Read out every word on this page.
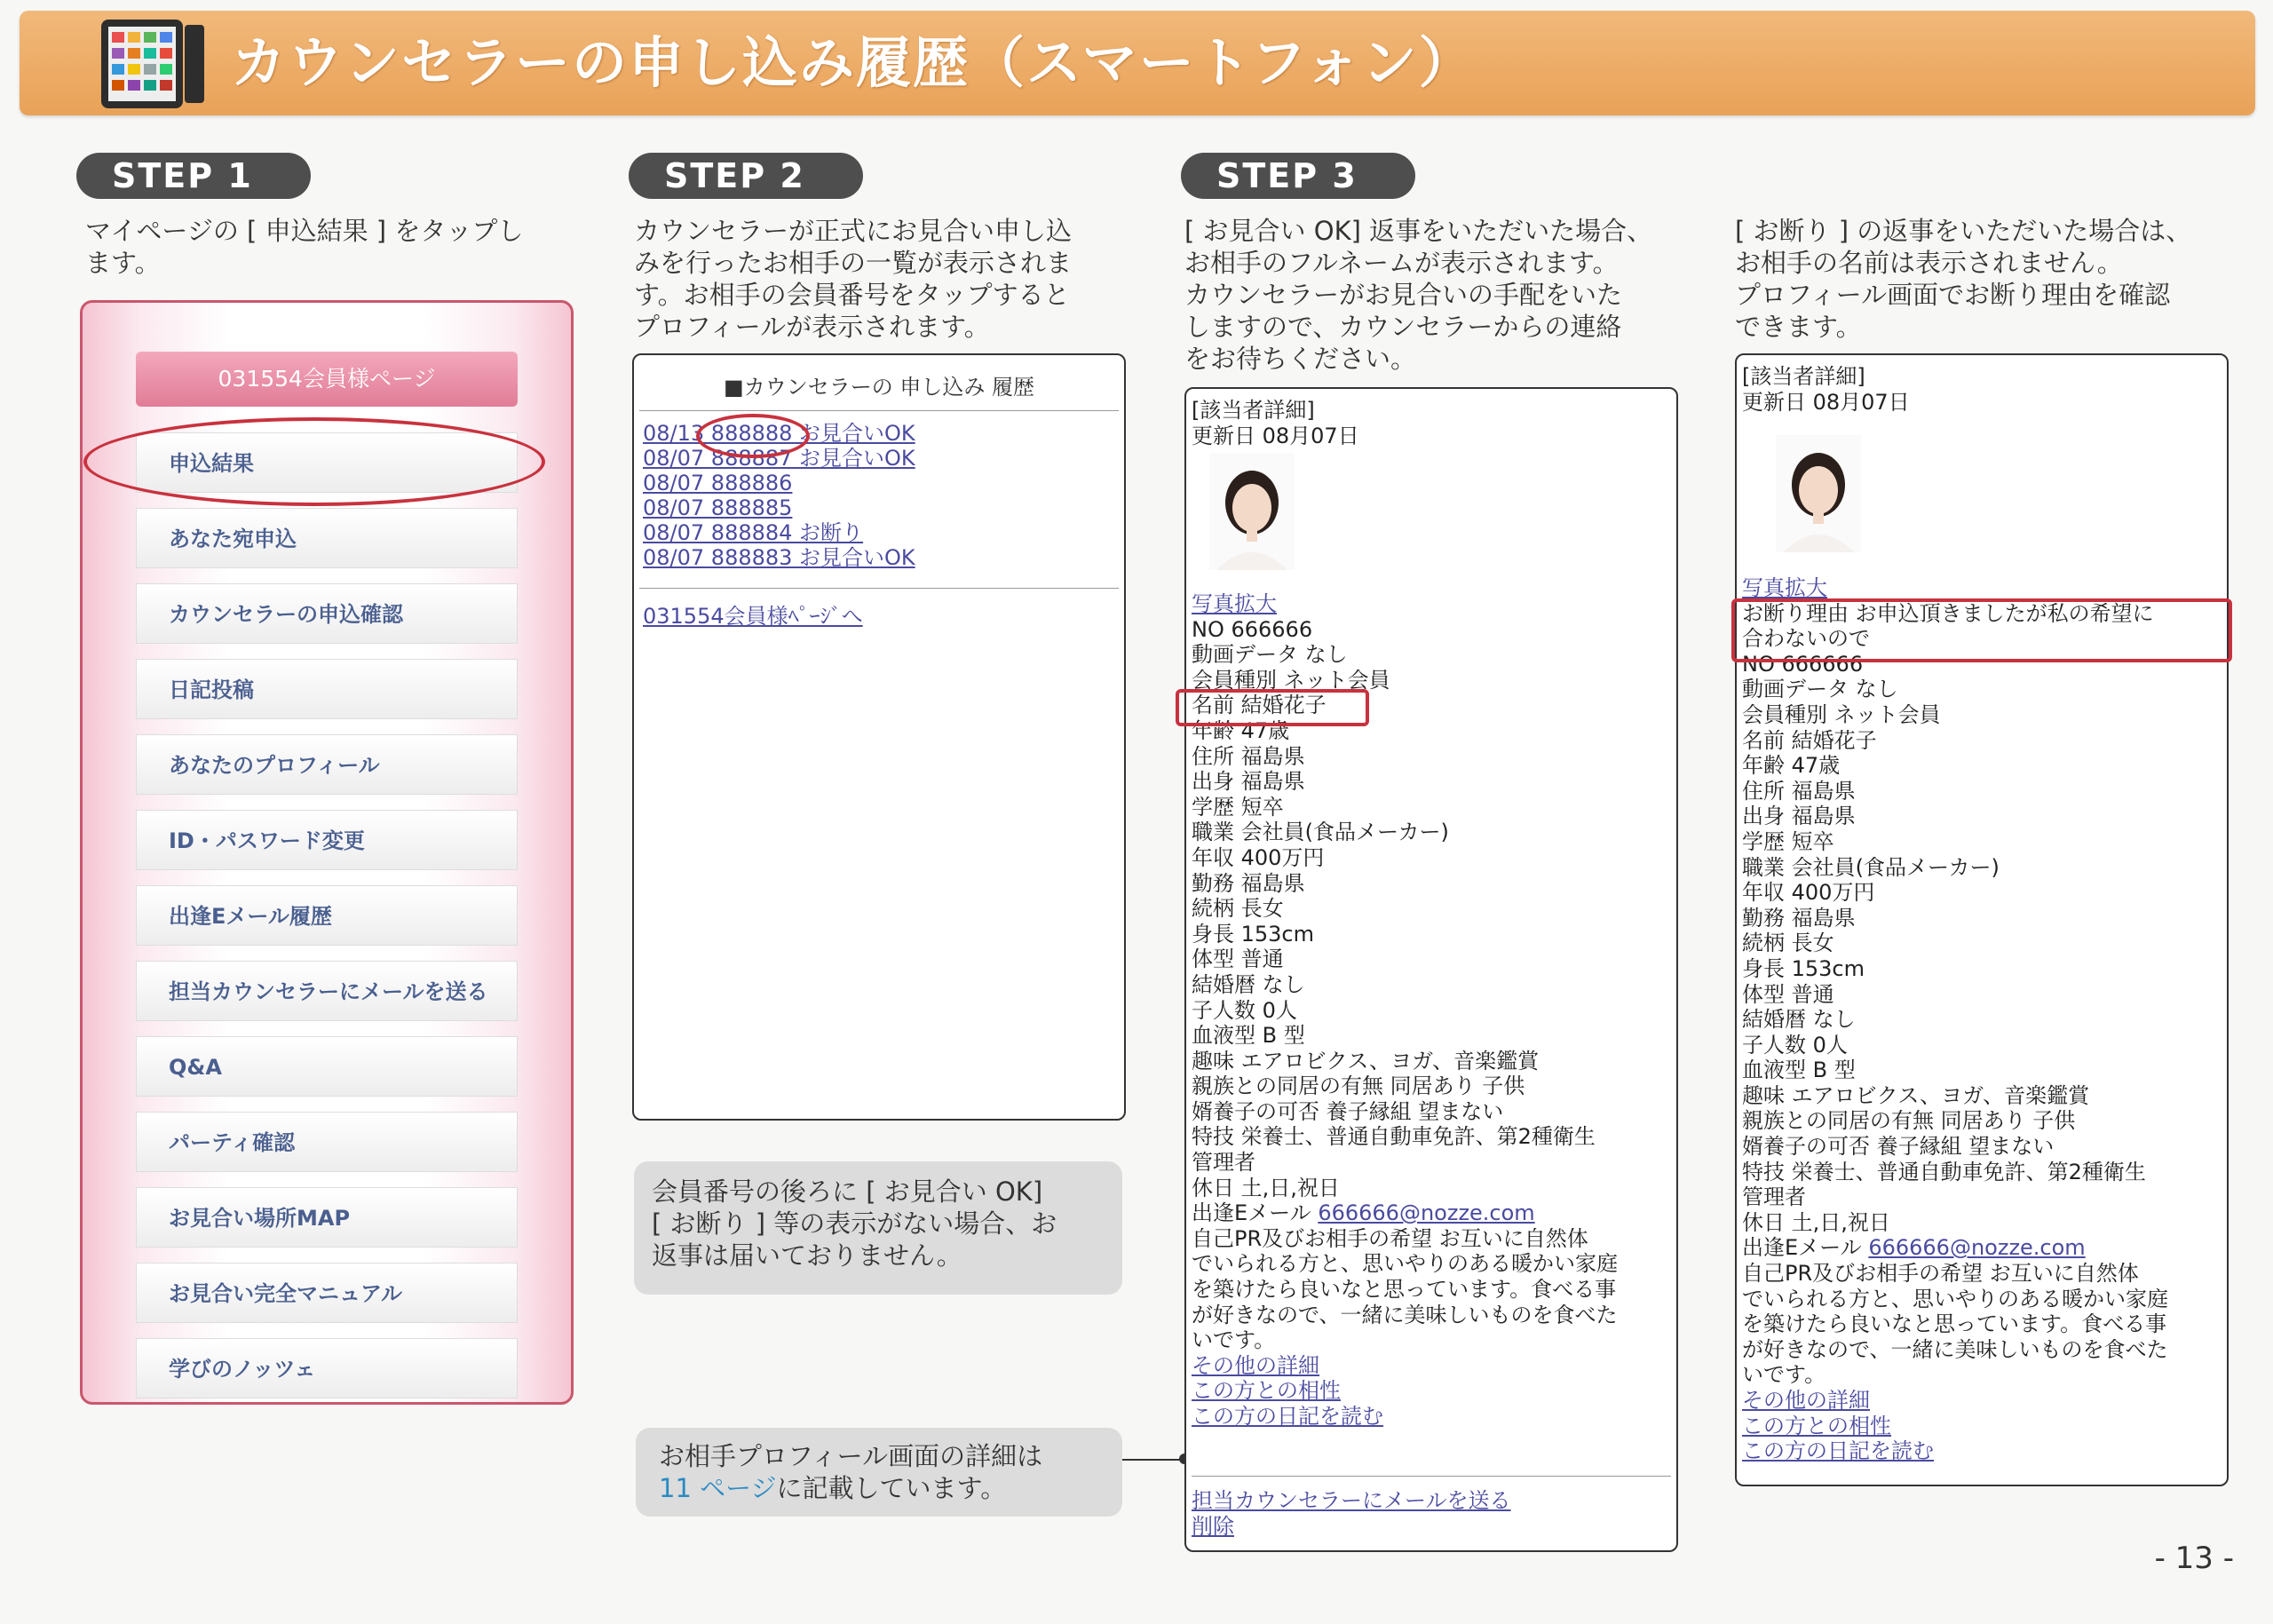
カウンセラーの申し込み履歴（スマートフォン）
STEP 1	STEP 2	STEP 3
マイページの [ 申込結果 ] をタップし
ます。
031554会員様ページ
申込結果
あなた宛申込
カウンセラーの申込確認
日記投稿
あなたのプロフィール
ID・パスワード変更
出逢Eメール履歴
担当カウンセラーにメールを送る
Q&A
パーティ確認
お見合い場所MAP
お見合い完全マニュアル
学びのノッツェ
カウンセラーが正式にお見合い申し込
みを行ったお相手の一覧が表示されま
す。お相手の会員番号をタップすると
プロフィールが表示されます。
■カウンセラーの 申し込み 履歴
08/13 888888 お見合いOK
08/07 888887 お見合いOK
08/07 888886
08/07 888885
08/07 888884 お断り
08/07 888883 お見合いOK
031554会員様ﾍﾟｰｼﾞへ
会員番号の後ろに [ お見合い OK]
[ お断り ] 等の表示がない場合、お
返事は届いておりません。
お相手プロフィール画面の詳細は
11 ページに記載しています。
[ お見合い OK] 返事をいただいた場合、
お相手のフルネームが表示されます。
カウンセラーがお見合いの手配をいた
しますので、カウンセラーからの連絡
をお待ちください。
[該当者詳細]
更新日 08月07日
写真拡大
NO 666666
動画データ なし
会員種別 ネット会員
名前 結婚花子
年齢 47歳
住所 福島県
出身 福島県
学歴 短卒
職業 会社員(食品メーカー)
年収 400万円
勤務 福島県
続柄 長女
身長 153cm
体型 普通
結婚暦 なし
子人数 0人
血液型 B 型
趣味 エアロビクス、ヨガ、音楽鑑賞
親族との同居の有無 同居あり 子供
婿養子の可否 養子縁組 望まない
特技 栄養士、普通自動車免許、第2種衛生
管理者
休日 土,日,祝日
出逢Eメール 666666@nozze.com
自己PR及びお相手の希望 お互いに自然体
でいられる方と、思いやりのある暖かい家庭
を築けたら良いなと思っています。食べる事
が好きなので、一緒に美味しいものを食べた
いです。
その他の詳細
この方との相性
この方の日記を読む
担当カウンセラーにメールを送る
削除
[ お断り ] の返事をいただいた場合は、
お相手の名前は表示されません。
プロフィール画面でお断り理由を確認
できます。
[該当者詳細]
更新日 08月07日
写真拡大
お断り理由 お申込頂きましたが私の希望に
合わないので
NO 666666
動画データ なし
会員種別 ネット会員
名前 結婚花子
年齢 47歳
住所 福島県
出身 福島県
学歴 短卒
職業 会社員(食品メーカー)
年収 400万円
勤務 福島県
続柄 長女
身長 153cm
体型 普通
結婚暦 なし
子人数 0人
血液型 B 型
趣味 エアロビクス、ヨガ、音楽鑑賞
親族との同居の有無 同居あり 子供
婿養子の可否 養子縁組 望まない
特技 栄養士、普通自動車免許、第2種衛生
管理者
休日 土,日,祝日
出逢Eメール 666666@nozze.com
自己PR及びお相手の希望 お互いに自然体
でいられる方と、思いやりのある暖かい家庭
を築けたら良いなと思っています。食べる事
が好きなので、一緒に美味しいものを食べた
いです。
その他の詳細
この方との相性
この方の日記を読む
- 13 -
